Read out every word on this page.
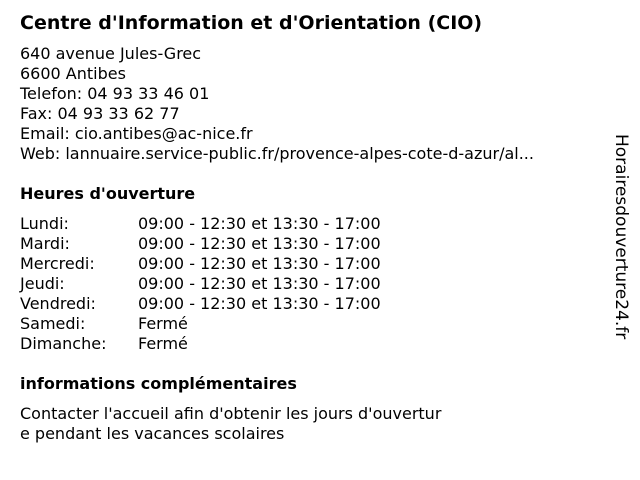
Centre d'Information et d'Orientation (CIO)
640 avenue Jules-Grec
6600 Antibes
Telefon: 04 93 33 46 01
Fax: 04 93 33 62 77
Email: cio.antibes@ac-nice.fr
Web: lannuaire.service-public.fr/provence-alpes-cote-d-azur/al...
Heures d'ouverture
Lundi:	09:00 - 12:30 et 13:30 - 17:00
Mardi:	09:00 - 12:30 et 13:30 - 17:00
Mercredi:	09:00 - 12:30 et 13:30 - 17:00
Jeudi:	09:00 - 12:30 et 13:30 - 17:00
Vendredi:	09:00 - 12:30 et 13:30 - 17:00
Samedi:	Fermé
Dimanche: Fermé
informations complémentaires
Contacter l'accueil afin d'obtenir les jours d'ouvertur
e pendant les vacances scolaires
Horairesdouverture24.fr
